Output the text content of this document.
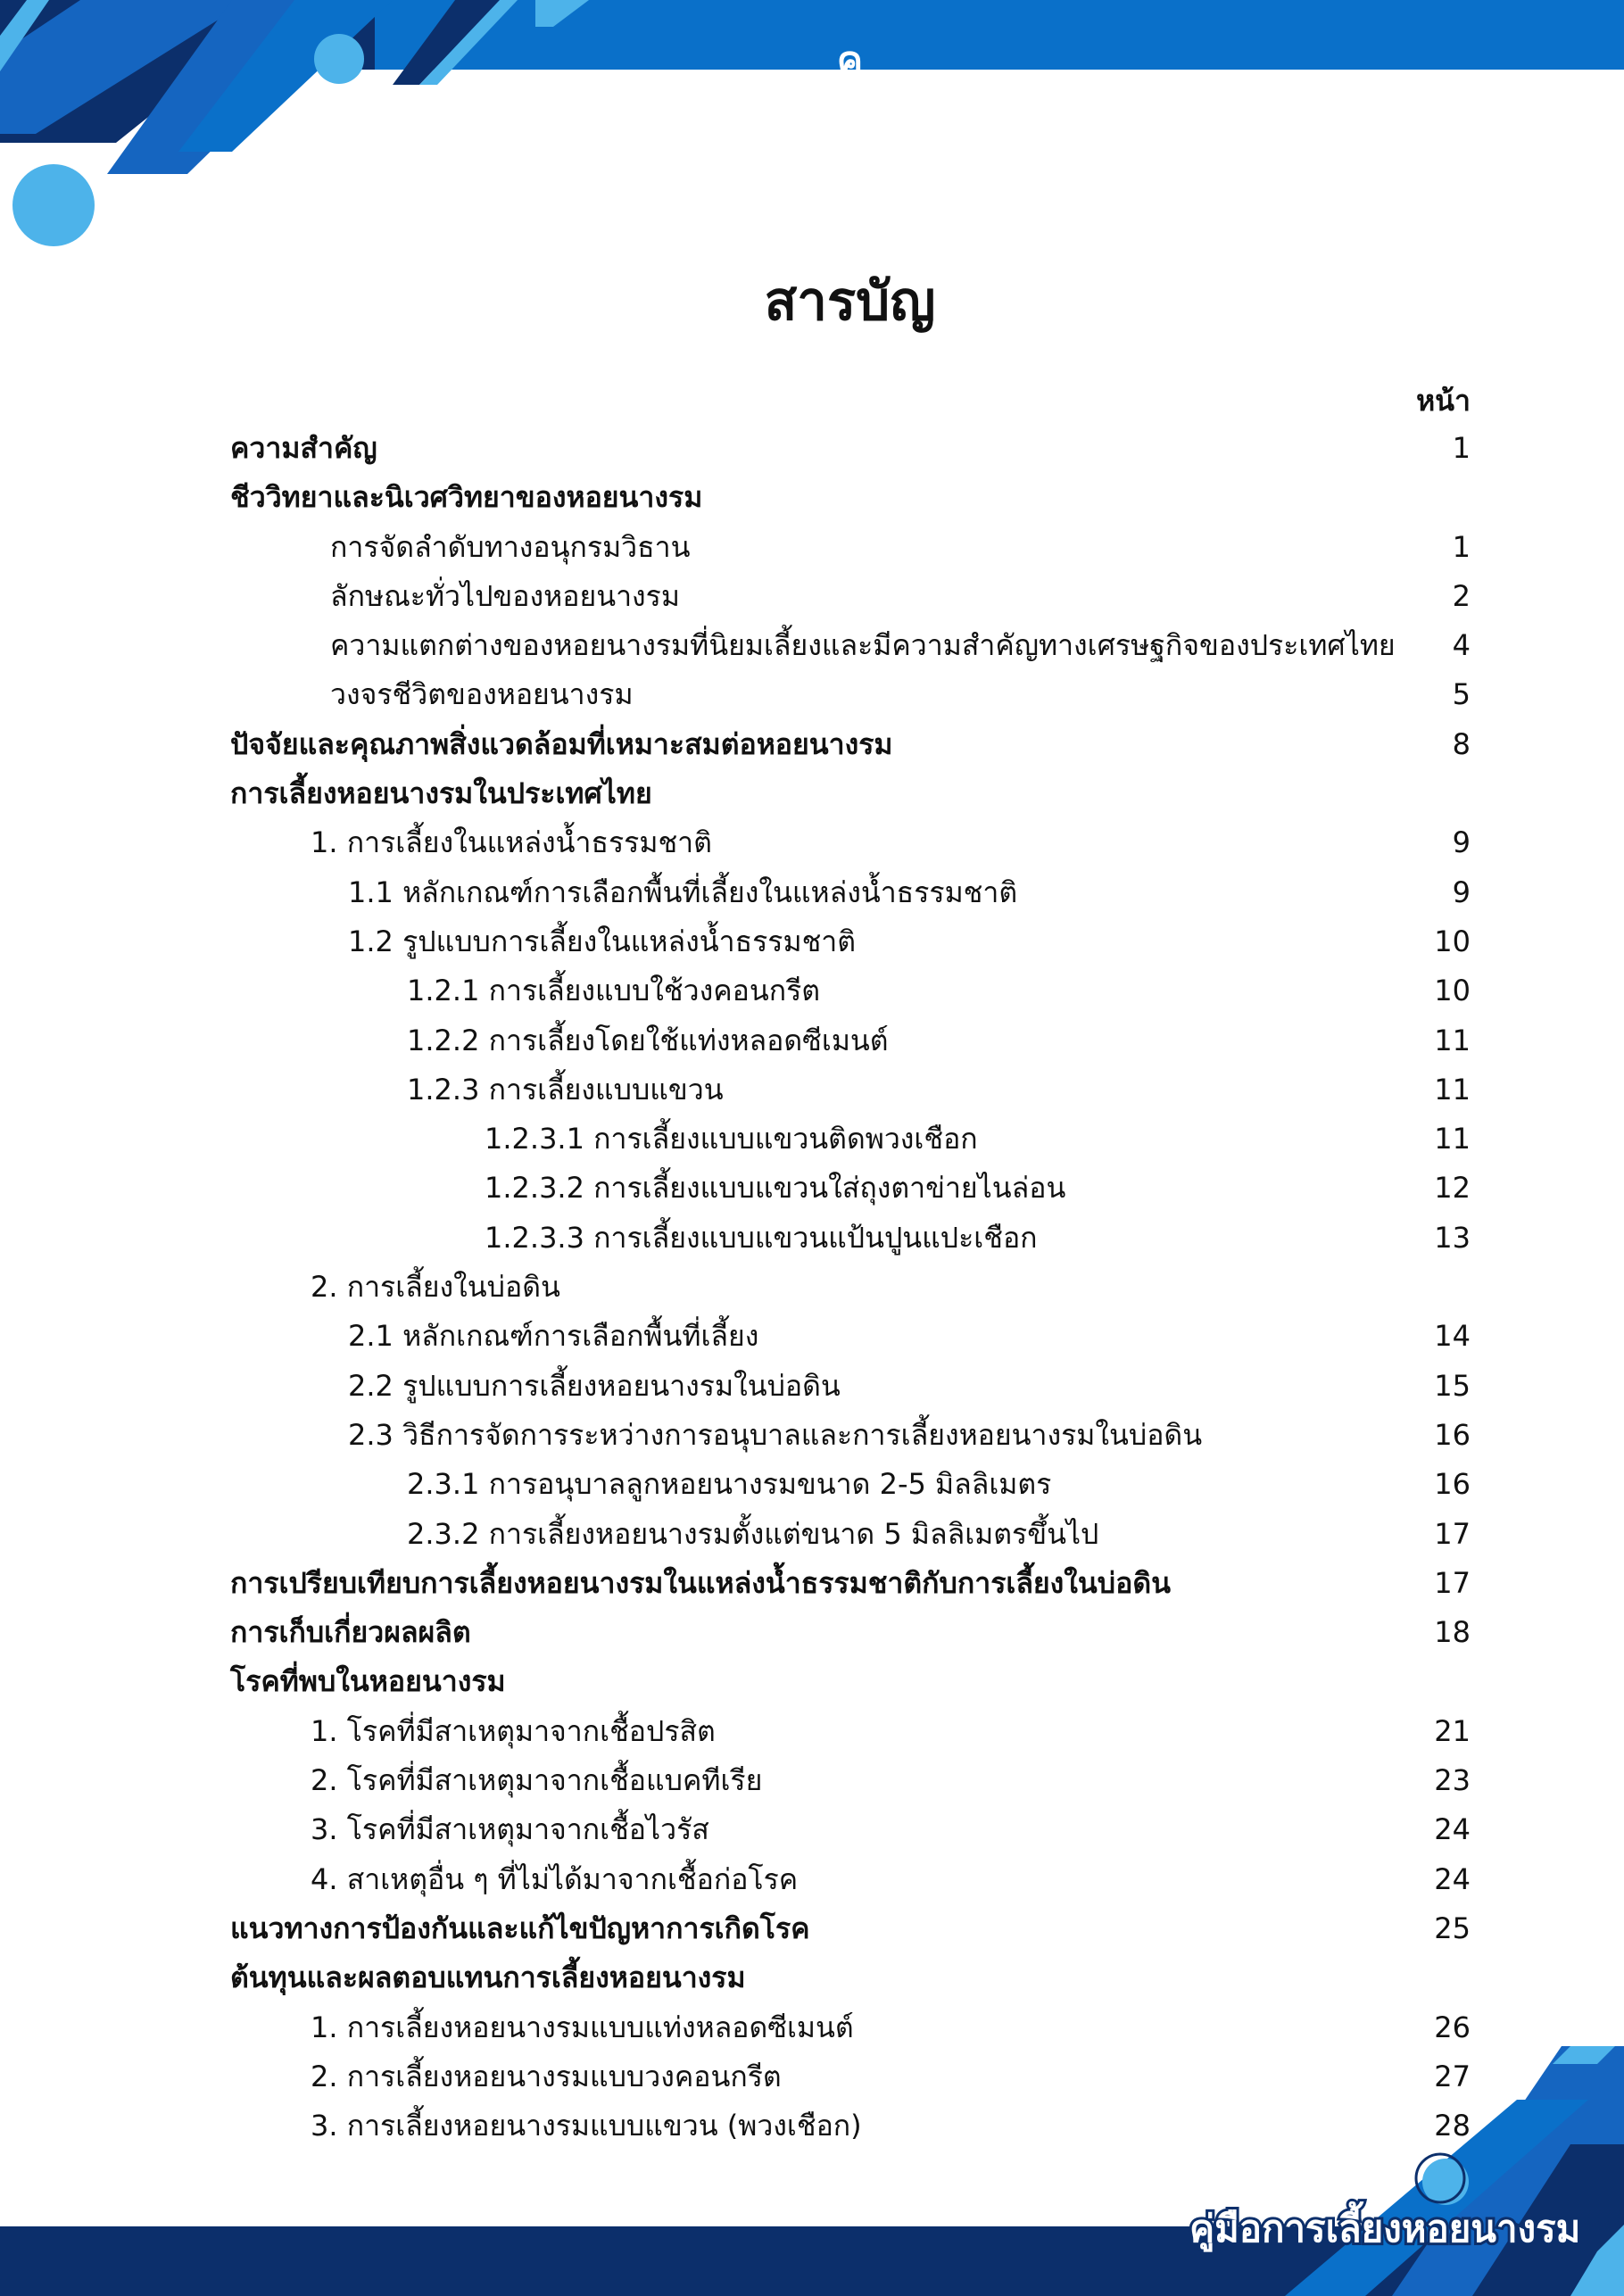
ค
สารบัญ
หน้า
ความสำคัญ	1
ชีววิทยาและนิเวศวิทยาของหอยนางรม
การจัดลำดับทางอนุกรมวิธาน	1
ลักษณะทั่วไปของหอยนางรม	2
ความแตกต่างของหอยนางรมที่นิยมเลี้ยงและมีความสำคัญทางเศรษฐกิจของประเทศไทย	4
วงจรชีวิตของหอยนางรม	5
ปัจจัยและคุณภาพสิ่งแวดล้อมที่เหมาะสมต่อหอยนางรม	8
การเลี้ยงหอยนางรมในประเทศไทย
1. การเลี้ยงในแหล่งน้ำธรรมชาติ	9
1.1 หลักเกณฑ์การเลือกพื้นที่เลี้ยงในแหล่งน้ำธรรมชาติ	9
1.2 รูปแบบการเลี้ยงในแหล่งน้ำธรรมชาติ	10
1.2.1 การเลี้ยงแบบใช้วงคอนกรีต	10
1.2.2 การเลี้ยงโดยใช้แท่งหลอดซีเมนต์	11
1.2.3 การเลี้ยงแบบแขวน	11
1.2.3.1 การเลี้ยงแบบแขวนติดพวงเชือก	11
1.2.3.2 การเลี้ยงแบบแขวนใส่ถุงตาข่ายไนล่อน	12
1.2.3.3 การเลี้ยงแบบแขวนแป้นปูนแปะเชือก	13
2. การเลี้ยงในบ่อดิน
2.1 หลักเกณฑ์การเลือกพื้นที่เลี้ยง	14
2.2 รูปแบบการเลี้ยงหอยนางรมในบ่อดิน	15
2.3 วิธีการจัดการระหว่างการอนุบาลและการเลี้ยงหอยนางรมในบ่อดิน	16
2.3.1 การอนุบาลลูกหอยนางรมขนาด 2-5 มิลลิเมตร	16
2.3.2 การเลี้ยงหอยนางรมตั้งแต่ขนาด 5 มิลลิเมตรขึ้นไป	17
การเปรียบเทียบการเลี้ยงหอยนางรมในแหล่งน้ำธรรมชาติกับการเลี้ยงในบ่อดิน	17
การเก็บเกี่ยวผลผลิต	18
โรคที่พบในหอยนางรม
1. โรคที่มีสาเหตุมาจากเชื้อปรสิต	21
2. โรคที่มีสาเหตุมาจากเชื้อแบคทีเรีย	23
3. โรคที่มีสาเหตุมาจากเชื้อไวรัส	24
4. สาเหตุอื่น ๆ ที่ไม่ได้มาจากเชื้อก่อโรค	24
แนวทางการป้องกันและแก้ไขปัญหาการเกิดโรค	25
ต้นทุนและผลตอบแทนการเลี้ยงหอยนางรม
1. การเลี้ยงหอยนางรมแบบแท่งหลอดซีเมนต์	26
2. การเลี้ยงหอยนางรมแบบวงคอนกรีต	27
3. การเลี้ยงหอยนางรมแบบแขวน (พวงเชือก)	28
คู่มือการเลี้ยงหอยนางรม
